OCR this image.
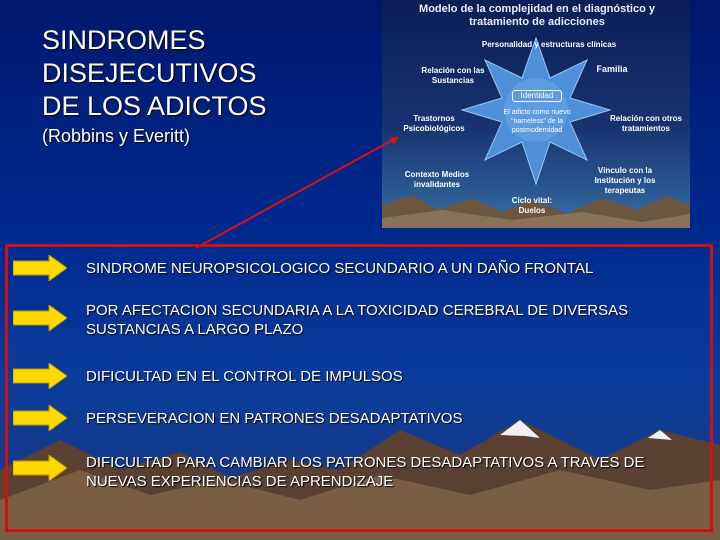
SINDROMES
DISEJECUTIVOS
DE LOS ADICTOS

(Robbins y Everitt)

Modelo de la complejidad en el diagnóstico y tratamiento de adicciones
Personalidad y estructuras clínicas
Familia
Relación con las Sustancias
Identidad
El adicto como nuevo "nameless" de la postmodernidad
Trastornos Psicobiológicos
Relación con otros tratamientos
Contexto Medios invalidantes
Vínculo con la Institución y los terapeutas
Ciclo vital: Duelos
SINDROME NEUROPSICOLOGICO SECUNDARIO A UN DAÑO FRONTAL
POR AFECTACION SECUNDARIA A LA TOXICIDAD CEREBRAL DE DIVERSAS SUSTANCIAS A LARGO PLAZO
DIFICULTAD EN EL CONTROL DE IMPULSOS
PERSEVERACION EN PATRONES DESADAPTATIVOS
DIFICULTAD PARA CAMBIAR LOS PATRONES DESADAPTATIVOS A TRAVES DE NUEVAS EXPERIENCIAS DE APRENDIZAJE
